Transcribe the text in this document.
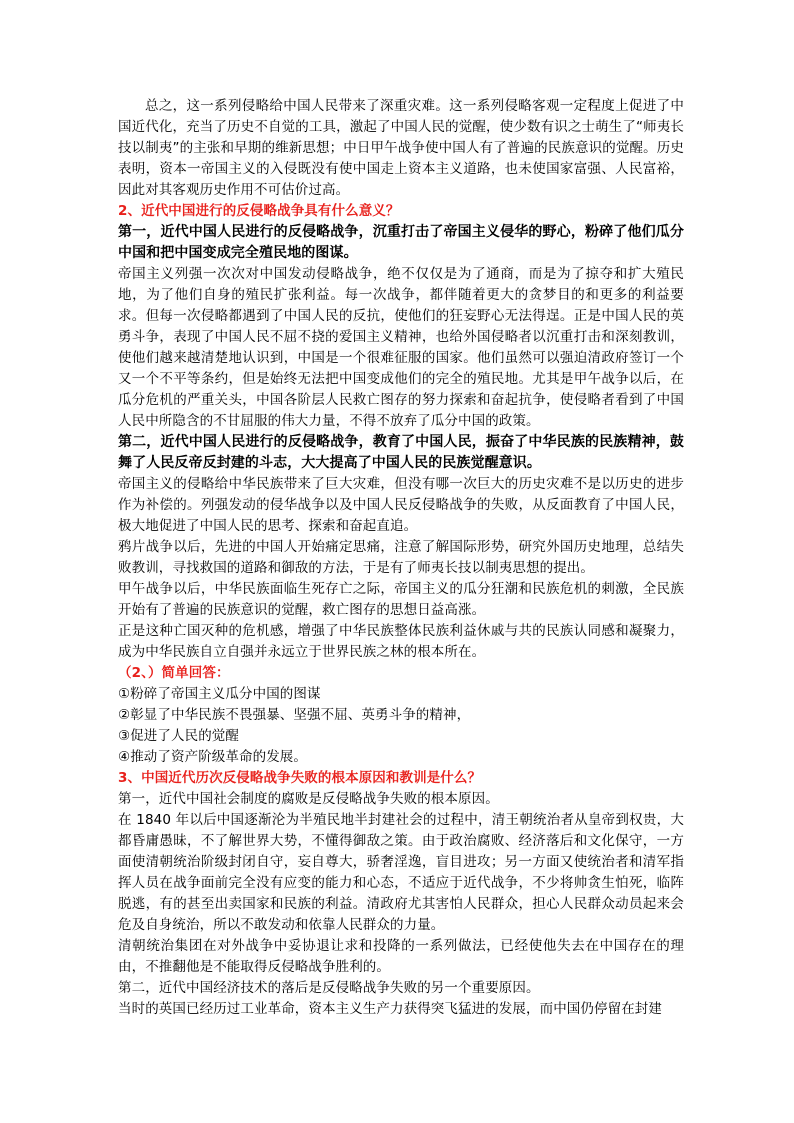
总之，这一系列侵略给中国人民带来了深重灾难。这一系列侵略客观一定程度上促进了中国近代化，充当了历史不自觉的工具，激起了中国人民的觉醒，使少数有识之士萌生了“师夷长技以制夷”的主张和早期的维新思想；中日甲午战争使中国人有了普遍的民族意识的觉醒。历史表明，资本一帝国主义的入侵既没有使中国走上资本主义道路，也未使国家富强、人民富裕，因此对其客观历史作用不可估价过高。

2、近代中国进行的反侵略战争具有什么意义？

第一，近代中国人民进行的反侵略战争，沉重打击了帝国主义侵华的野心，粉碎了他们瓜分中国和把中国变成完全殖民地的图谋。

帝国主义列强一次次对中国发动侵略战争，绝不仅仅是为了通商，而是为了掠夺和扩大殖民地，为了他们自身的殖民扩张利益。每一次战争，都伴随着更大的贪梦目的和更多的利益要求。但每一次侵略都遇到了中国人民的反抗，使他们的狂妄野心无法得逞。正是中国人民的英勇斗争，表现了中国人民不屈不挠的爱国主义精神，也给外国侵略者以沉重打击和深刻教训，使他们越来越清楚地认识到，中国是一个很难征服的国家。他们虽然可以强迫清政府签订一个又一个不平等条约，但是始终无法把中国变成他们的完全的殖民地。尤其是甲午战争以后，在瓜分危机的严重关头，中国各阶层人民救亡图存的努力探索和奋起抗争，使侵略者看到了中国人民中所隐含的不甘屈服的伟大力量，不得不放弃了瓜分中国的政策。

第二，近代中国人民进行的反侵略战争，教育了中国人民，振奋了中华民族的民族精神，鼓舞了人民反帝反封建的斗志，大大提高了中国人民的民族觉醒意识。

帝国主义的侵略给中华民族带来了巨大灾难，但没有哪一次巨大的历史灾难不是以历史的进步作为补偿的。列强发动的侵华战争以及中国人民反侵略战争的失败，从反面教育了中国人民，极大地促进了中国人民的思考、探索和奋起直追。

鸦片战争以后，先进的中国人开始痛定思痛，注意了解国际形势，研究外国历史地理，总结失败教训，寻找救国的道路和御敌的方法，于是有了师夷长技以制夷思想的提出。

甲午战争以后，中华民族面临生死存亡之际，帝国主义的瓜分狂潮和民族危机的刺激，全民族开始有了普遍的民族意识的觉醒，救亡图存的思想日益高涨。

正是这种亡国灭种的危机感，增强了中华民族整体民族利益休戚与共的民族认同感和凝聚力，成为中华民族自立自强并永远立于世界民族之林的根本所在。

（2、）简单回答：

①粉碎了帝国主义瓜分中国的图谋

②彰显了中华民族不畏强暴、坚强不屈、英勇斗争的精神，

③促进了人民的觉醒

④推动了资产阶级革命的发展。

3、中国近代历次反侵略战争失败的根本原因和教训是什么？

第一，近代中国社会制度的腐败是反侵略战争失败的根本原因。

在 1840 年以后中国逐渐沦为半殖民地半封建社会的过程中，清王朝统治者从皇帝到权贵，大都昏庸愚昧，不了解世界大势，不懂得御敌之策。由于政治腐败、经济落后和文化保守，一方面使清朝统治阶级封闭自守，妄自尊大，骄奢淫逸，盲目进攻；另一方面又使统治者和清军指挥人员在战争面前完全没有应变的能力和心态，不适应于近代战争，不少将帅贪生怕死，临阵脱逃，有的甚至出卖国家和民族的利益。清政府尤其害怕人民群众，担心人民群众动员起来会危及自身统治，所以不敢发动和依靠人民群众的力量。

清朝统治集团在对外战争中妥协退让求和投降的一系列做法，已经使他失去在中国存在的理由，不推翻他是不能取得反侵略战争胜利的。

第二，近代中国经济技术的落后是反侵略战争失败的另一个重要原因。

当时的英国已经历过工业革命，资本主义生产力获得突飞猛进的发展，而中国仍停留在封建
